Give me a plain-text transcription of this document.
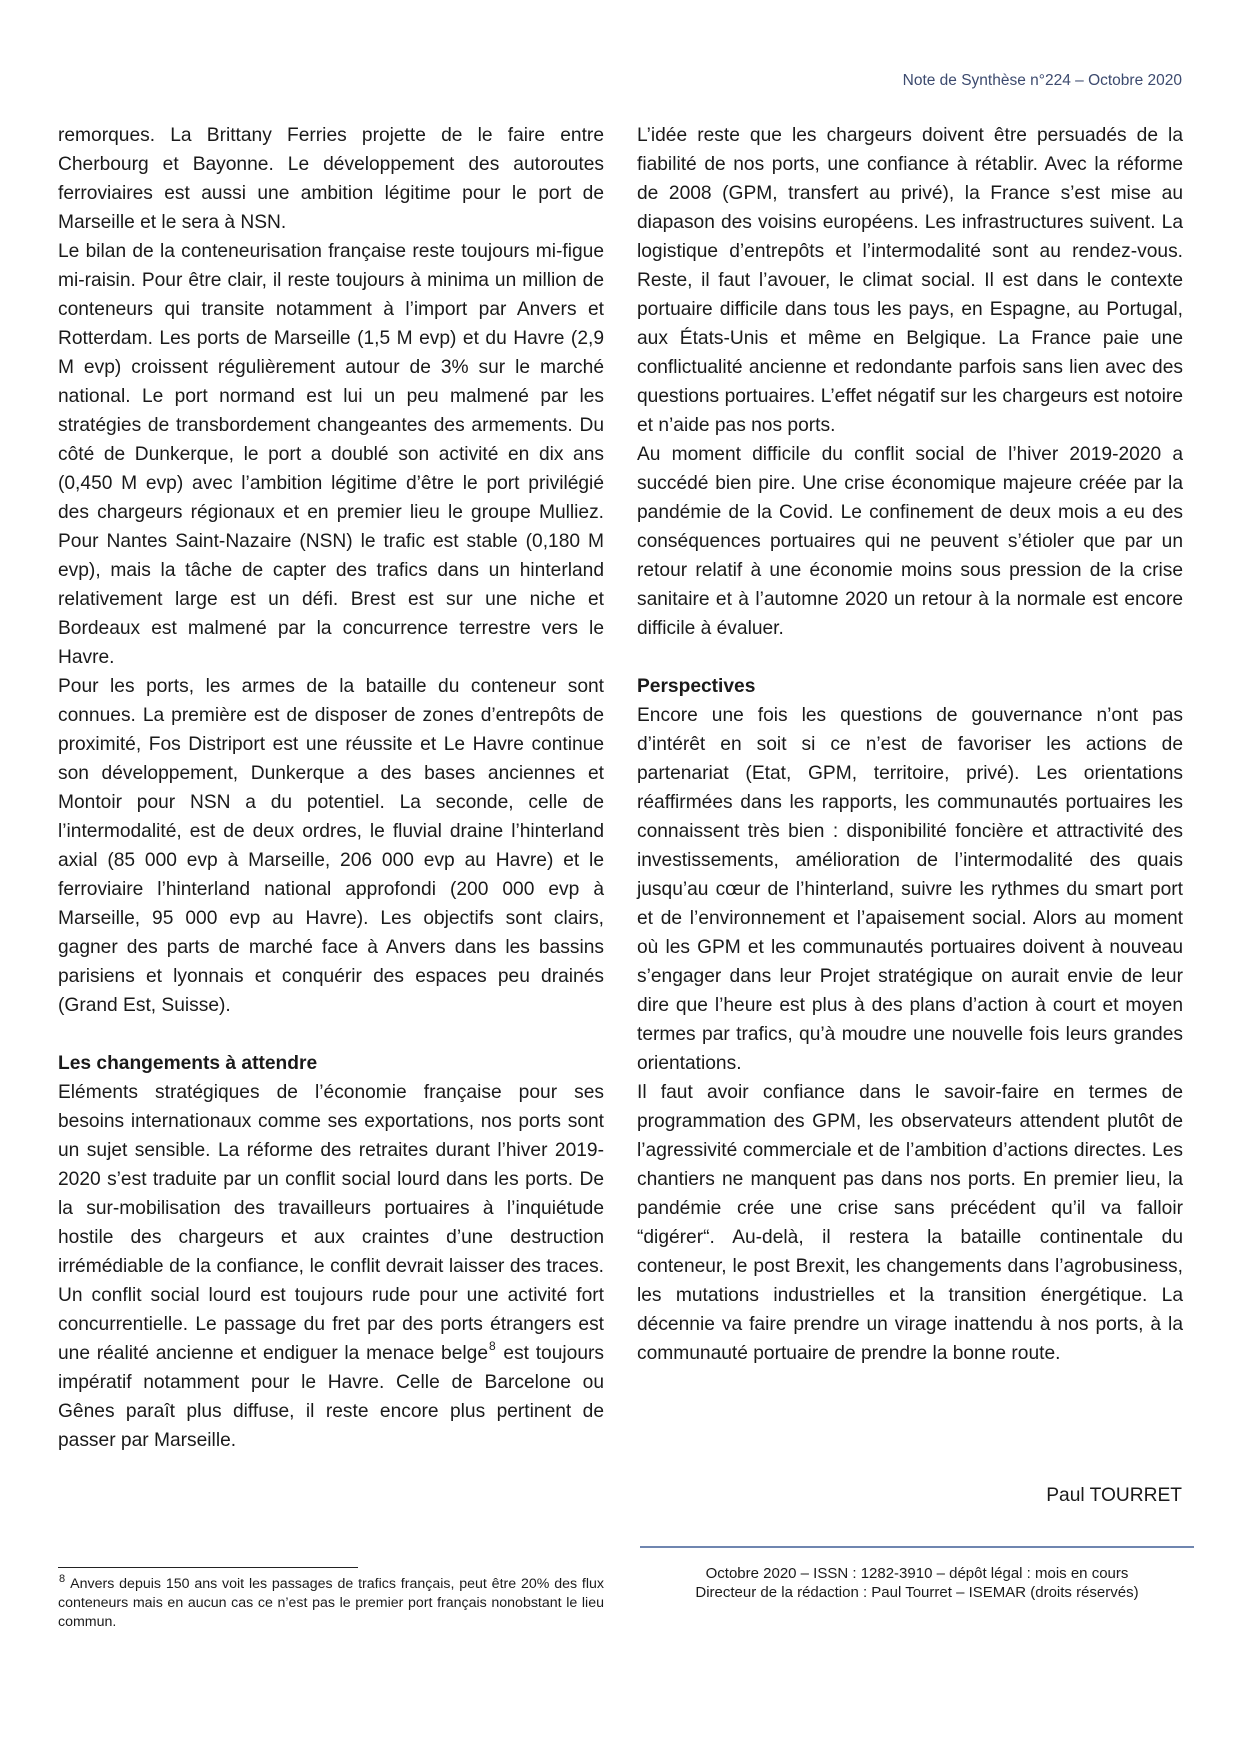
Note de Synthèse n°224 – Octobre 2020

remorques. La Brittany Ferries projette de le faire entre Cherbourg et Bayonne. Le développement des autoroutes ferroviaires est aussi une ambition légitime pour le port de Marseille et le sera à NSN.

Le bilan de la conteneurisation française reste toujours mi-figue mi-raisin. Pour être clair, il reste toujours à minima un million de conteneurs qui transite notamment à l’import par Anvers et Rotterdam. Les ports de Marseille (1,5 M evp) et du Havre (2,9 M evp) croissent régulièrement autour de 3% sur le marché national. Le port normand est lui un peu malmené par les stratégies de transbordement changeantes des armements. Du côté de Dunkerque, le port a doublé son activité en dix ans (0,450 M evp) avec l’ambition légitime d’être le port privilégié des chargeurs régionaux et en premier lieu le groupe Mulliez. Pour Nantes Saint-Nazaire (NSN) le trafic est stable (0,180 M evp), mais la tâche de capter des trafics dans un hinterland relativement large est un défi. Brest est sur une niche et Bordeaux est malmené par la concurrence terrestre vers le Havre.

Pour les ports, les armes de la bataille du conteneur sont connues. La première est de disposer de zones d’entrepôts de proximité, Fos Distriport est une réussite et Le Havre continue son développement, Dunkerque a des bases anciennes et Montoir pour NSN a du potentiel. La seconde, celle de l’intermodalité, est de deux ordres, le fluvial draine l’hinterland axial (85 000 evp à Marseille, 206 000 evp au Havre) et le ferroviaire l’hinterland national approfondi (200 000 evp à Marseille, 95 000 evp au Havre). Les objectifs sont clairs, gagner des parts de marché face à Anvers dans les bassins parisiens et lyonnais et conquérir des espaces peu drainés (Grand Est, Suisse).

Les changements à attendre

Eléments stratégiques de l’économie française pour ses besoins internationaux comme ses exportations, nos ports sont un sujet sensible. La réforme des retraites durant l’hiver 2019-2020 s’est traduite par un conflit social lourd dans les ports. De la sur-mobilisation des travailleurs portuaires à l’inquiétude hostile des chargeurs et aux craintes d’une destruction irrémédiable de la confiance, le conflit devrait laisser des traces. Un conflit social lourd est toujours rude pour une activité fort concurrentielle. Le passage du fret par des ports étrangers est une réalité ancienne et endiguer la menace belge$^8$ est toujours impératif notamment pour le Havre. Celle de Barcelone ou Gênes paraît plus diffuse, il reste encore plus pertinent de passer par Marseille.

$^8$ Anvers depuis 150 ans voit les passages de trafics français, peut être 20% des flux conteneurs mais en aucun cas ce n’est pas le premier port français nonobstant le lieu commun.

L’idée reste que les chargeurs doivent être persuadés de la fiabilité de nos ports, une confiance à rétablir. Avec la réforme de 2008 (GPM, transfert au privé), la France s’est mise au diapason des voisins européens. Les infrastructures suivent. La logistique d’entrepôts et l’intermodalité sont au rendez-vous. Reste, il faut l’avouer, le climat social. Il est dans le contexte portuaire difficile dans tous les pays, en Espagne, au Portugal, aux États-Unis et même en Belgique. La France paie une conflictualité ancienne et redondante parfois sans lien avec des questions portuaires. L’effet négatif sur les chargeurs est notoire et n’aide pas nos ports.

Au moment difficile du conflit social de l’hiver 2019-2020 a succédé bien pire. Une crise économique majeure créée par la pandémie de la Covid. Le confinement de deux mois a eu des conséquences portuaires qui ne peuvent s’étioler que par un retour relatif à une économie moins sous pression de la crise sanitaire et à l’automne 2020 un retour à la normale est encore difficile à évaluer.

Perspectives

Encore une fois les questions de gouvernance n’ont pas d’intérêt en soit si ce n’est de favoriser les actions de partenariat (Etat, GPM, territoire, privé). Les orientations réaffirmées dans les rapports, les communautés portuaires les connaissent très bien : disponibilité foncière et attractivité des investissements, amélioration de l’intermodalité des quais jusqu’au cœur de l’hinterland, suivre les rythmes du smart port et de l’environnement et l’apaisement social. Alors au moment où les GPM et les communautés portuaires doivent à nouveau s’engager dans leur Projet stratégique on aurait envie de leur dire que l’heure est plus à des plans d’action à court et moyen termes par trafics, qu’à moudre une nouvelle fois leurs grandes orientations.

Il faut avoir confiance dans le savoir-faire en termes de programmation des GPM, les observateurs attendent plutôt de l’agressivité commerciale et de l’ambition d’actions directes. Les chantiers ne manquent pas dans nos ports. En premier lieu, la pandémie crée une crise sans précédent qu’il va falloir “digérer“. Au-delà, il restera la bataille continentale du conteneur, le post Brexit, les changements dans l’agrobusiness, les mutations industrielles et la transition énergétique. La décennie va faire prendre un virage inattendu à nos ports, à la communauté portuaire de prendre la bonne route.

Paul TOURRET
Octobre 2020 – ISSN : 1282-3910 – dépôt légal : mois en cours
Directeur de la rédaction : Paul Tourret – ISEMAR (droits réservés)
